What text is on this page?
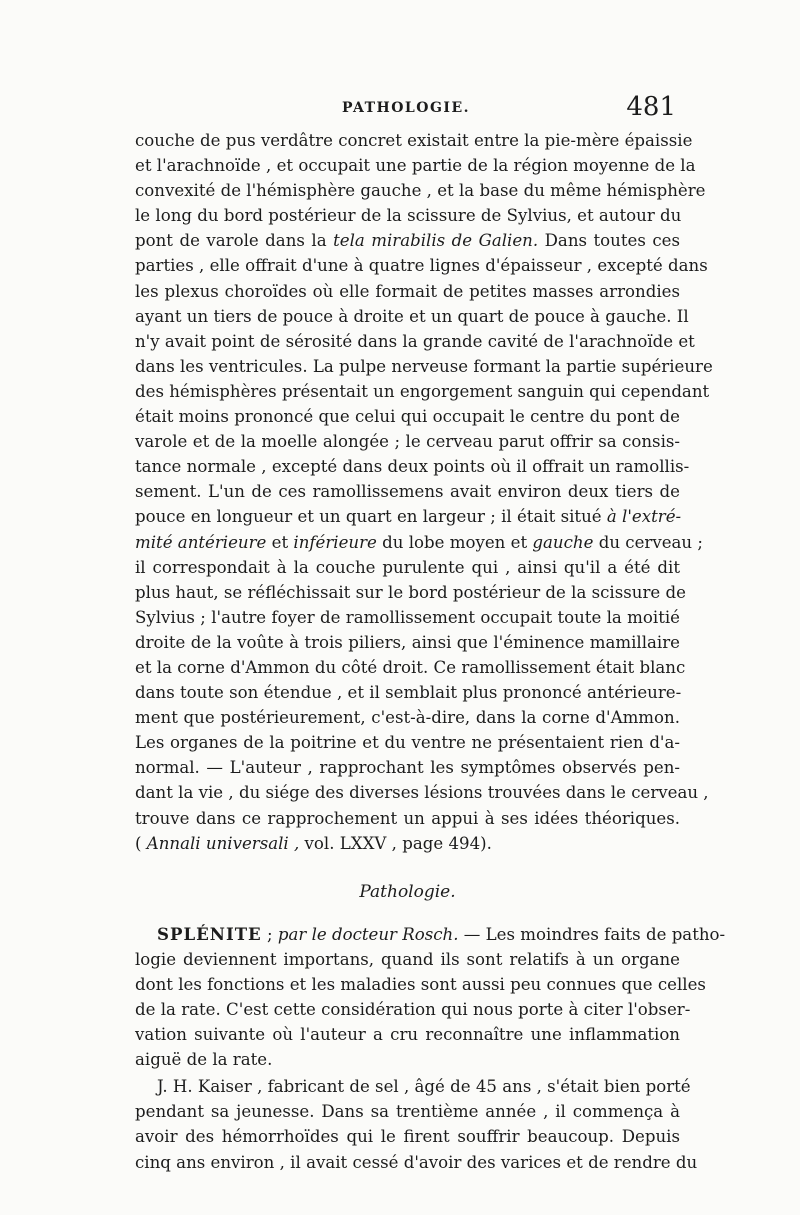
PATHOLOGIE.	481
couche de pus verdâtre concret existait entre la pie-mère épaissie
et l'arachnoïde , et occupait une partie de la région moyenne de la
convexité de l'hémisphère gauche , et la base du même hémisphère
le long du bord postérieur de la scissure de Sylvius, et autour du
pont de varole dans la tela mirabilis de Galien. Dans toutes ces
parties , elle offrait d'une à quatre lignes d'épaisseur , excepté dans
les plexus choroïdes où elle formait de petites masses arrondies
ayant un tiers de pouce à droite et un quart de pouce à gauche. Il
n'y avait point de sérosité dans la grande cavité de l'arachnoïde et
dans les ventricules. La pulpe nerveuse formant la partie supérieure
des hémisphères présentait un engorgement sanguin qui cependant
était moins prononcé que celui qui occupait le centre du pont de
varole et de la moelle alongée ; le cerveau parut offrir sa consis-
tance normale , excepté dans deux points où il offrait un ramollis-
sement. L'un de ces ramollissemens avait environ deux tiers de
pouce en longueur et un quart en largeur ; il était situé à l'extré-
mité antérieure et inférieure du lobe moyen et gauche du cerveau ;
il correspondait à la couche purulente qui , ainsi qu'il a été dit
plus haut, se réfléchissait sur le bord postérieur de la scissure de
Sylvius ; l'autre foyer de ramollissement occupait toute la moitié
droite de la voûte à trois piliers, ainsi que l'éminence mamillaire
et la corne d'Ammon du côté droit. Ce ramollissement était blanc
dans toute son étendue , et il semblait plus prononcé antérieure-
ment que postérieurement, c'est-à-dire, dans la corne d'Ammon.
Les organes de la poitrine et du ventre ne présentaient rien d'a-
normal. — L'auteur , rapprochant les symptômes observés pen-
dant la vie , du siége des diverses lésions trouvées dans le cerveau ,
trouve dans ce rapprochement un appui à ses idées théoriques.
( Annali universali , vol. LXXV , page 494).
Pathologie.
SPLÉNITE ; par le docteur Rosch. — Les moindres faits de patho-
logie deviennent importans, quand ils sont relatifs à un organe
dont les fonctions et les maladies sont aussi peu connues que celles
de la rate. C'est cette considération qui nous porte à citer l'obser-
vation suivante où l'auteur a cru reconnaître une inflammation
aiguë de la rate.
J. H. Kaiser , fabricant de sel , âgé de 45 ans , s'était bien porté
pendant sa jeunesse. Dans sa trentième année , il commença à
avoir des hémorrhoïdes qui le firent souffrir beaucoup. Depuis
cinq ans environ , il avait cessé d'avoir des varices et de rendre du
